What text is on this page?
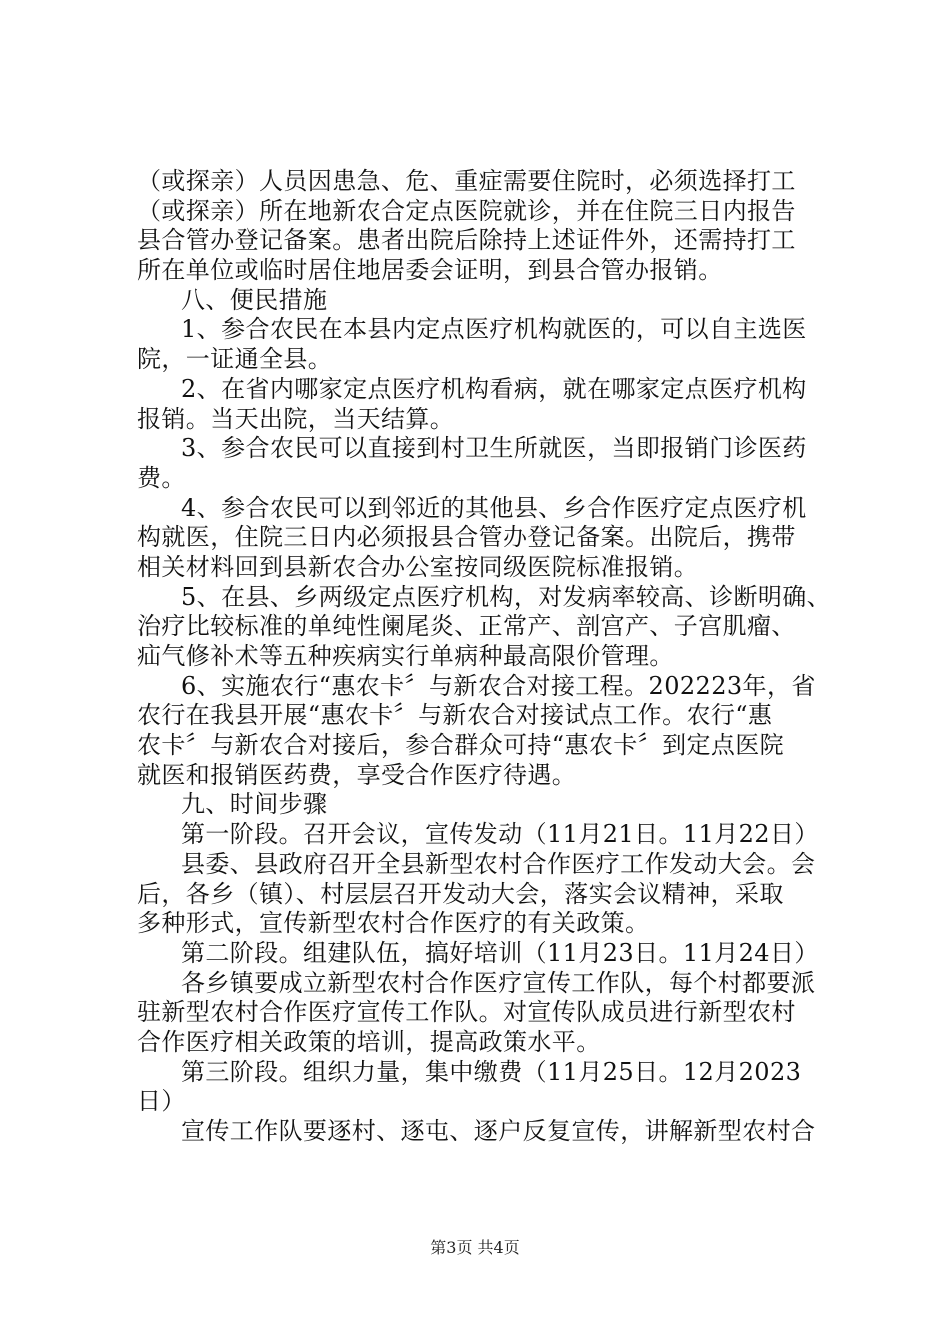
（或探亲）人员因患急、危、重症需要住院时，必须选择打工
（或探亲）所在地新农合定点医院就诊，并在住院三日内报告
县合管办登记备案。患者出院后除持上述证件外，还需持打工
所在单位或临时居住地居委会证明，到县合管办报销。
八、便民措施
1、参合农民在本县内定点医疗机构就医的，可以自主选医
院，一证通全县。
2、在省内哪家定点医疗机构看病，就在哪家定点医疗机构
报销。当天出院，当天结算。
3、参合农民可以直接到村卫生所就医，当即报销门诊医药
费。
4、参合农民可以到邻近的其他县、乡合作医疗定点医疗机
构就医，住院三日内必须报县合管办登记备案。出院后，携带
相关材料回到县新农合办公室按同级医院标准报销。
5、在县、乡两级定点医疗机构，对发病率较高、诊断明确、
治疗比较标准的单纯性阑尾炎、正常产、剖宫产、子宫肌瘤、
疝气修补术等五种疾病实行单病种最高限价管理。
6、实施农行“惠农卡〞与新农合对接工程。202223年，省
农行在我县开展“惠农卡〞与新农合对接试点工作。农行“惠
农卡〞与新农合对接后，参合群众可持“惠农卡〞到定点医院
就医和报销医药费，享受合作医疗待遇。
九、时间步骤
第一阶段。召开会议，宣传发动（11月21日。11月22日）
县委、县政府召开全县新型农村合作医疗工作发动大会。会
后，各乡（镇）、村层层召开发动大会，落实会议精神，采取
多种形式，宣传新型农村合作医疗的有关政策。
第二阶段。组建队伍，搞好培训（11月23日。11月24日）
各乡镇要成立新型农村合作医疗宣传工作队，每个村都要派
驻新型农村合作医疗宣传工作队。对宣传队成员进行新型农村
合作医疗相关政策的培训，提高政策水平。
第三阶段。组织力量，集中缴费（11月25日。12月2023
日）
宣传工作队要逐村、逐屯、逐户反复宣传，讲解新型农村合
第3页 共4页
